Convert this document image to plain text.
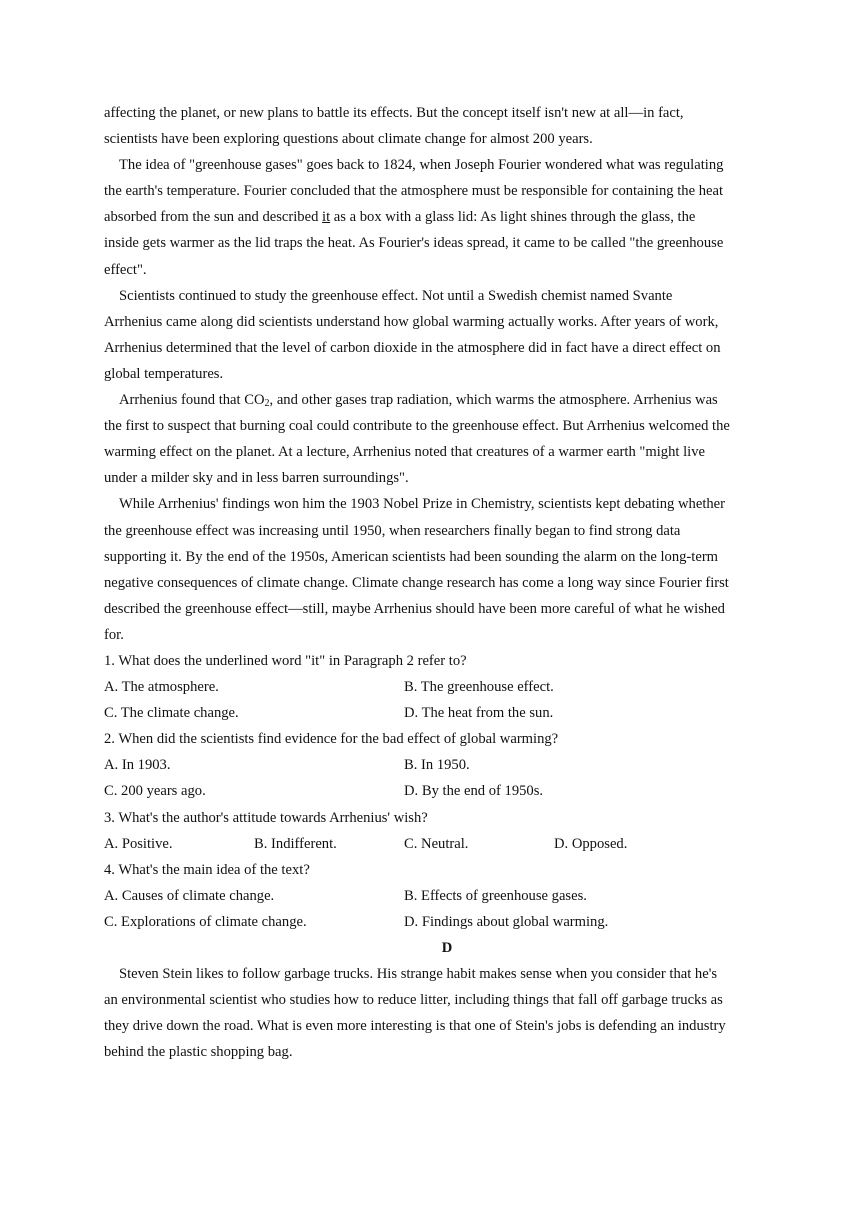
affecting the planet, or new plans to battle its effects. But the concept itself isn't new at all—in fact,
scientists have been exploring questions about climate change for almost 200 years.
The idea of "greenhouse gases" goes back to 1824, when Joseph Fourier wondered what was regulating
the earth's temperature. Fourier concluded that the atmosphere must be responsible for containing the heat
absorbed from the sun and described it as a box with a glass lid: As light shines through the glass, the
inside gets warmer as the lid traps the heat. As Fourier's ideas spread, it came to be called "the greenhouse
effect".
Scientists continued to study the greenhouse effect. Not until a Swedish chemist named Svante
Arrhenius came along did scientists understand how global warming actually works. After years of work,
Arrhenius determined that the level of carbon dioxide in the atmosphere did in fact have a direct effect on
global temperatures.
Arrhenius found that $CO_2$, and other gases trap radiation, which warms the atmosphere. Arrhenius was
the first to suspect that burning coal could contribute to the greenhouse effect. But Arrhenius welcomed the
warming effect on the planet. At a lecture, Arrhenius noted that creatures of a warmer earth "might live
under a milder sky and in less barren surroundings".
While Arrhenius' findings won him the 1903 Nobel Prize in Chemistry, scientists kept debating whether
the greenhouse effect was increasing until 1950, when researchers finally began to find strong data
supporting it. By the end of the 1950s, American scientists had been sounding the alarm on the long-term
negative consequences of climate change. Climate change research has come a long way since Fourier first
described the greenhouse effect—still, maybe Arrhenius should have been more careful of what he wished
for.
1. What does the underlined word "it" in Paragraph 2 refer to?
A. The atmosphere.	B. The greenhouse effect.
C. The climate change.	D. The heat from the sun.
2. When did the scientists find evidence for the bad effect of global warming?
A. In 1903.	B. In 1950.
C. 200 years ago.	D. By the end of 1950s.
3. What's the author's attitude towards Arrhenius' wish?
A. Positive.	B. Indifferent.	C. Neutral.	D. Opposed.
4. What's the main idea of the text?
A. Causes of climate change.	B. Effects of greenhouse gases.
C. Explorations of climate change.	D. Findings about global warming.
D
Steven Stein likes to follow garbage trucks. His strange habit makes sense when you consider that he's
an environmental scientist who studies how to reduce litter, including things that fall off garbage trucks as
they drive down the road. What is even more interesting is that one of Stein's jobs is defending an industry
behind the plastic shopping bag.
